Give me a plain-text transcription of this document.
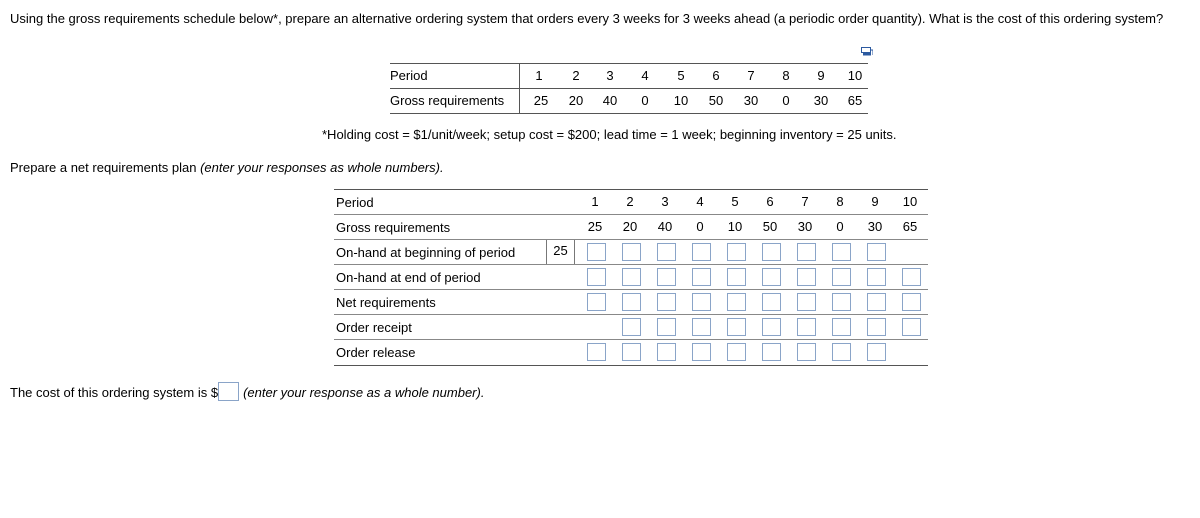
Using the gross requirements schedule below*, prepare an alternative ordering system that orders every 3 weeks for 3 weeks ahead (a periodic order quantity). What is the cost of this ordering system?
Period	1	2	3	4	5	6	7	8	9	10
Gross requirements	25	20	40	0	10	50	30	0	30	65
*Holding cost = $1/unit/week; setup cost = $200; lead time = 1 week; beginning inventory = 25 units.
Prepare a net requirements plan (enter your responses as whole numbers).
Period	1	2	3	4	5	6	7	8	9	10
Gross requirements	25	20	40	0	10	50	30	0	30	65
On-hand at beginning of period	25
On-hand at end of period
Net requirements
Order receipt
Order release
The cost of this ordering system is $ (enter your response as a whole number).
